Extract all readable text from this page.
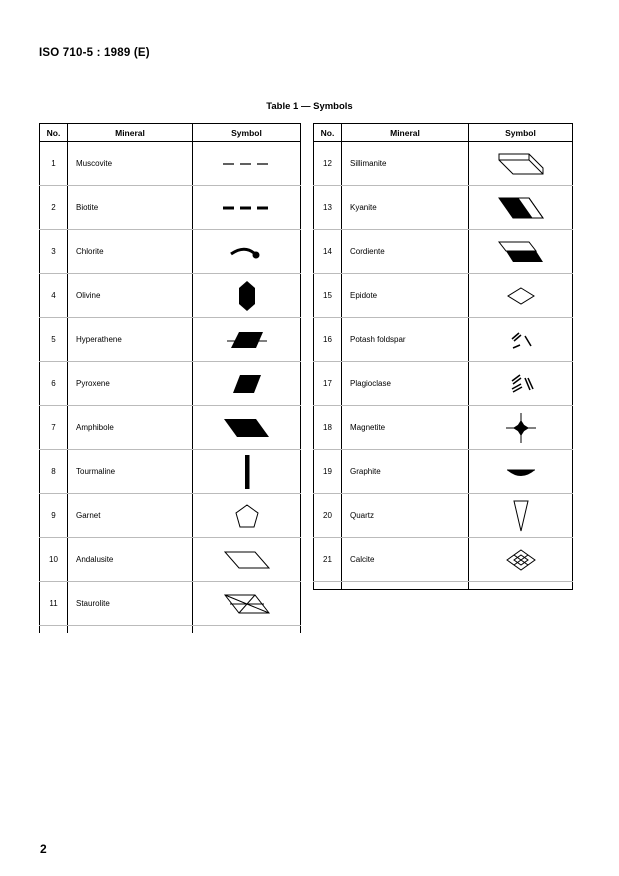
ISO 710-5 : 1989 (E)
Table 1 — Symbols
No.	Mineral	Symbol
1	Muscovite	

2	Biotite	

3	Chlorite	

4	Olivine	

5	Hyperathene	

6	Pyroxene	

7	Amphibole	

8	Tourmaline	

9	Garnet	

10	Andalusite	

11	Staurolite	

No.	Mineral	Symbol
12	Sillimanite	

13	Kyanite	

14	Cordiente	

15	Epidote	

16	Potash foldspar	

17	Plagioclase	

18	Magnetite	

19	Graphite	

20	Quartz	

21	Calcite	

2
